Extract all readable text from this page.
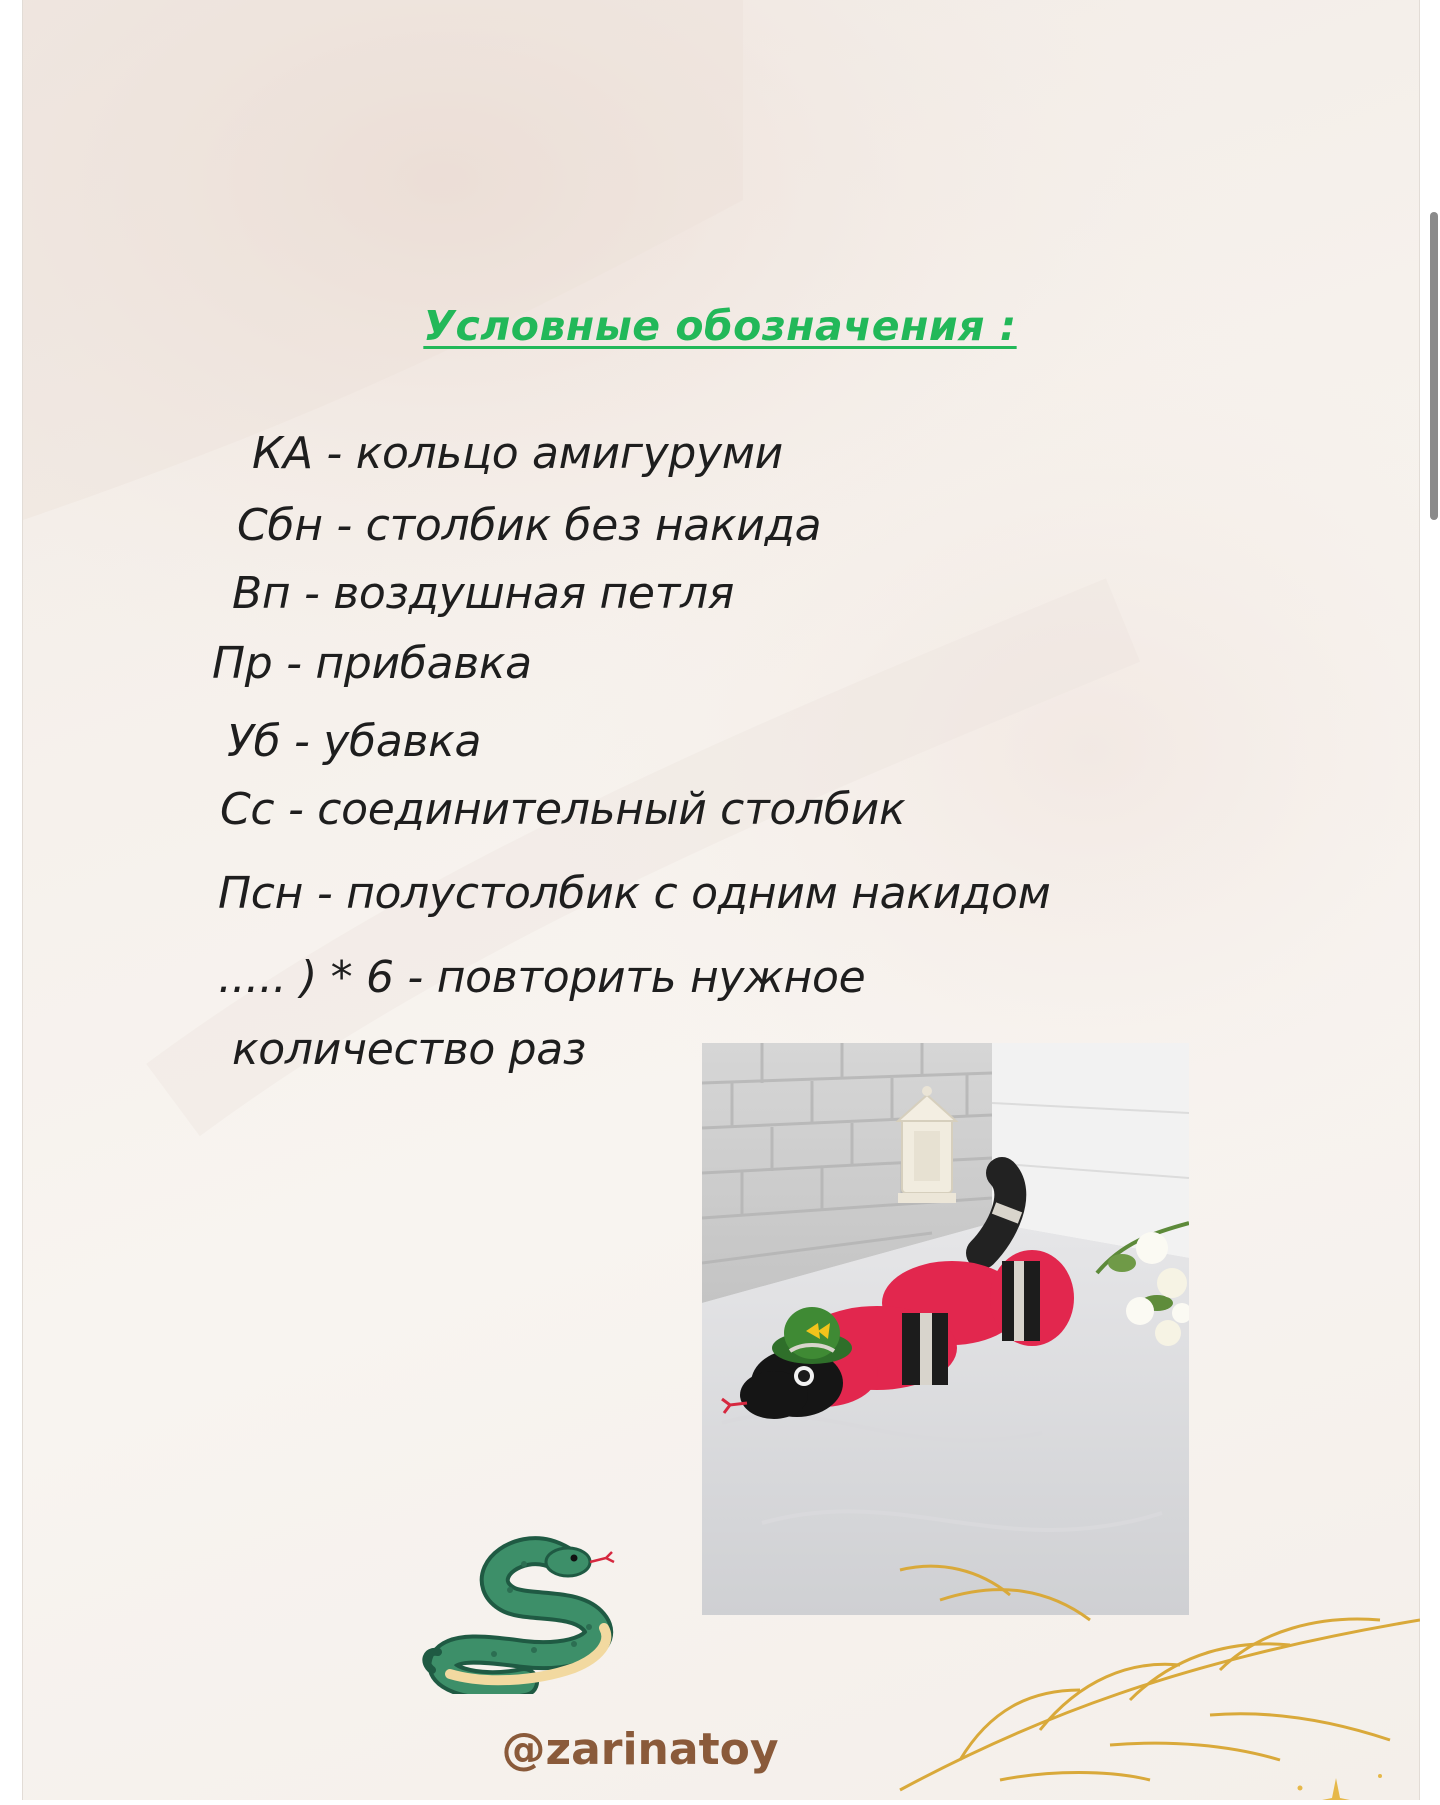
Условные обозначения :
КА - кольцо амигуруми
Сбн - столбик без накида
Вп - воздушная петля
Пр - прибавка
Уб - убавка
Сс - соединительный столбик
Псн - полустолбик с одним накидом
..... ) * 6 - повторить нужное
количество раз
@zarinatoy
